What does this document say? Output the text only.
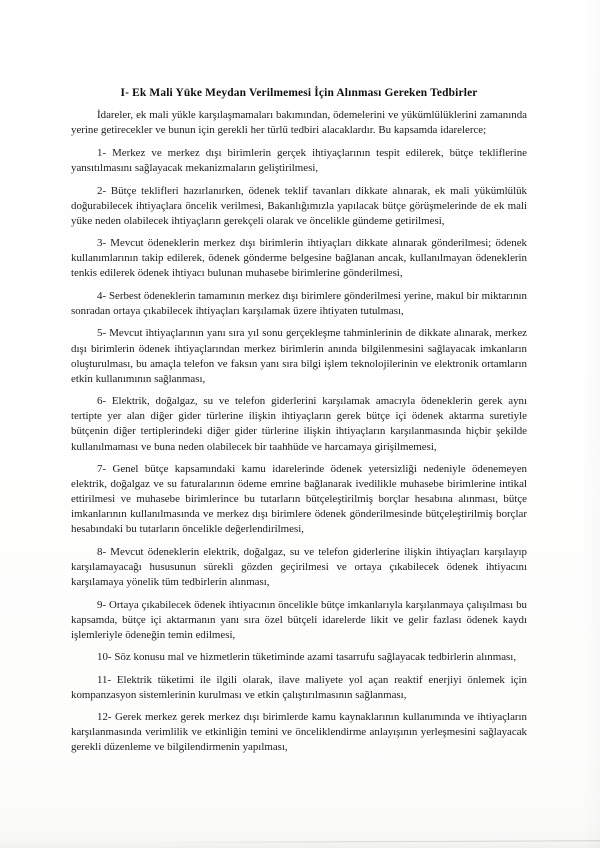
I- Ek Mali Yüke Meydan Verilmemesi İçin Alınması Gereken Tedbirler

İdareler, ek mali yükle karşılaşmamaları bakımından, ödemelerini ve yükümlülüklerini zamanında yerine getirecekler ve bunun için gerekli her türlü tedbiri alacaklardır. Bu kapsamda idarelerce;

1- Merkez ve merkez dışı birimlerin gerçek ihtiyaçlarının tespit edilerek, bütçe tekliflerine yansıtılmasını sağlayacak mekanizmaların geliştirilmesi,

2- Bütçe teklifleri hazırlanırken, ödenek teklif tavanları dikkate alınarak, ek mali yükümlülük doğurabilecek ihtiyaçlara öncelik verilmesi, Bakanlığımızla yapılacak bütçe görüşmelerinde de ek mali yüke neden olabilecek ihtiyaçların gerekçeli olarak ve öncelikle gündeme getirilmesi,

3- Mevcut ödeneklerin merkez dışı birimlerin ihtiyaçları dikkate alınarak gönderilmesi; ödenek kullanımlarının takip edilerek, ödenek gönderme belgesine bağlanan ancak, kullanılmayan ödeneklerin tenkis edilerek ödenek ihtiyacı bulunan muhasebe birimlerine gönderilmesi,

4- Serbest ödeneklerin tamamının merkez dışı birimlere gönderilmesi yerine, makul bir miktarının sonradan ortaya çıkabilecek ihtiyaçları karşılamak üzere ihtiyaten tutulması,

5- Mevcut ihtiyaçlarının yanı sıra yıl sonu gerçekleşme tahminlerinin de dikkate alınarak, merkez dışı birimlerin ödenek ihtiyaçlarından merkez birimlerin anında bilgilenmesini sağlayacak imkanların oluşturulması, bu amaçla telefon ve faksın yanı sıra bilgi işlem teknolojilerinin ve elektronik ortamların etkin kullanımının sağlanması,

6- Elektrik, doğalgaz, su ve telefon giderlerini karşılamak amacıyla ödeneklerin gerek aynı tertipte yer alan diğer gider türlerine ilişkin ihtiyaçların gerek bütçe içi ödenek aktarma suretiyle bütçenin diğer tertiplerindeki diğer gider türlerine ilişkin ihtiyaçların karşılanmasında hiçbir şekilde kullanılmaması ve buna neden olabilecek bir taahhüde ve harcamaya girişilmemesi,

7- Genel bütçe kapsamındaki kamu idarelerinde ödenek yetersizliği nedeniyle ödenemeyen elektrik, doğalgaz ve su faturalarının ödeme emrine bağlanarak ivedilikle muhasebe birimlerine intikal ettirilmesi ve muhasebe birimlerince bu tutarların bütçeleştirilmiş borçlar hesabına alınması, bütçe imkanlarının kullanılmasında ve merkez dışı birimlere ödenek gönderilmesinde bütçeleştirilmiş borçlar hesabındaki bu tutarların öncelikle değerlendirilmesi,

8- Mevcut ödeneklerin elektrik, doğalgaz, su ve telefon giderlerine ilişkin ihtiyaçları karşılayıp karşılamayacağı hususunun sürekli gözden geçirilmesi ve ortaya çıkabilecek ödenek ihtiyacını karşılamaya yönelik tüm tedbirlerin alınması,

9- Ortaya çıkabilecek ödenek ihtiyacının öncelikle bütçe imkanlarıyla karşılanmaya çalışılması bu kapsamda, bütçe içi aktarmanın yanı sıra özel bütçeli idarelerde likit ve gelir fazlası ödenek kaydı işlemleriyle ödeneğin temin edilmesi,

10- Söz konusu mal ve hizmetlerin tüketiminde azami tasarrufu sağlayacak tedbirlerin alınması,

11- Elektrik tüketimi ile ilgili olarak, ilave maliyete yol açan reaktif enerjiyi önlemek için kompanzasyon sistemlerinin kurulması ve etkin çalıştırılmasının sağlanması,

12- Gerek merkez gerek merkez dışı birimlerde kamu kaynaklarının kullanımında ve ihtiyaçların karşılanmasında verimlilik ve etkinliğin temini ve önceliklendirme anlayışının yerleşmesini sağlayacak gerekli düzenleme ve bilgilendirmenin yapılması,
